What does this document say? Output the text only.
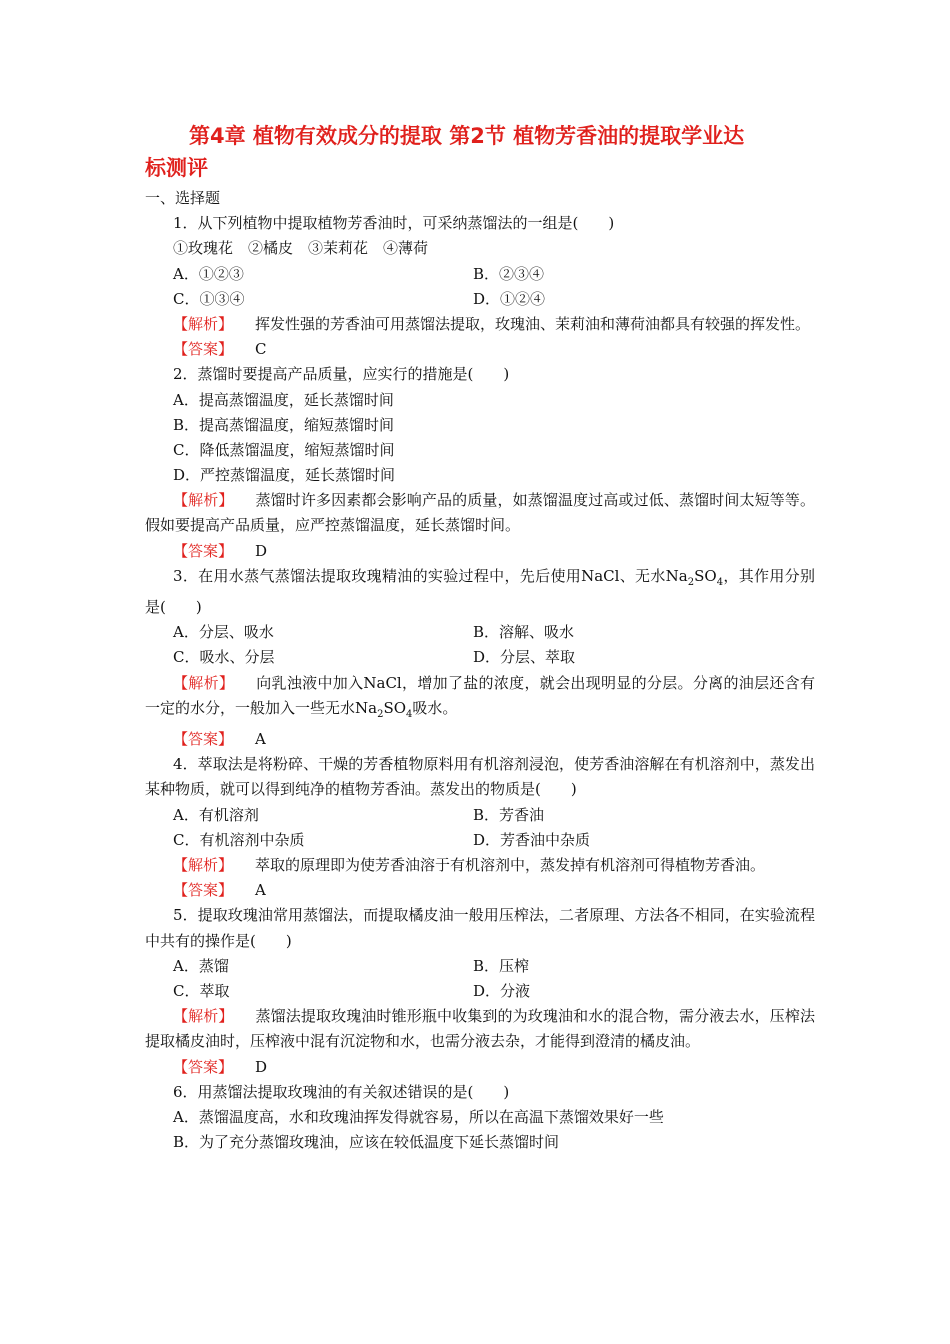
第4章 植物有效成分的提取 第2节 植物芳香油的提取学业达
标测评
一、选择题
1．从下列植物中提取植物芳香油时，可采纳蒸馏法的一组是(　　)
①玫瑰花　②橘皮　③茉莉花　④薄荷
A．①②③	B．②③④
C．①③④	D．①②④
【解析】 挥发性强的芳香油可用蒸馏法提取，玫瑰油、茉莉油和薄荷油都具有较强的挥发性。
【答案】 C
2．蒸馏时要提高产品质量，应实行的措施是(　　)
A．提高蒸馏温度，延长蒸馏时间
B．提高蒸馏温度，缩短蒸馏时间
C．降低蒸馏温度，缩短蒸馏时间
D．严控蒸馏温度，延长蒸馏时间
【解析】 蒸馏时许多因素都会影响产品的质量，如蒸馏温度过高或过低、蒸馏时间太短等等。假如要提高产品质量，应严控蒸馏温度，延长蒸馏时间。
【答案】 D
3．在用水蒸气蒸馏法提取玫瑰精油的实验过程中，先后使用NaCl、无水$Na_2SO_4$，其作用分别是(　　)
A．分层、吸水	B．溶解、吸水
C．吸水、分层	D．分层、萃取
【解析】 向乳浊液中加入NaCl，增加了盐的浓度，就会出现明显的分层。分离的油层还含有一定的水分，一般加入一些无水$Na_2SO_4$吸水。
【答案】 A
4．萃取法是将粉碎、干燥的芳香植物原料用有机溶剂浸泡，使芳香油溶解在有机溶剂中，蒸发出某种物质，就可以得到纯净的植物芳香油。蒸发出的物质是(　　)
A．有机溶剂	B．芳香油
C．有机溶剂中杂质	D．芳香油中杂质
【解析】 萃取的原理即为使芳香油溶于有机溶剂中，蒸发掉有机溶剂可得植物芳香油。
【答案】 A
5．提取玫瑰油常用蒸馏法，而提取橘皮油一般用压榨法，二者原理、方法各不相同，在实验流程中共有的操作是(　　)
A．蒸馏	B．压榨
C．萃取	D．分液
【解析】 蒸馏法提取玫瑰油时锥形瓶中收集到的为玫瑰油和水的混合物，需分液去水，压榨法提取橘皮油时，压榨液中混有沉淀物和水，也需分液去杂，才能得到澄清的橘皮油。
【答案】 D
6．用蒸馏法提取玫瑰油的有关叙述错误的是(　　)
A．蒸馏温度高，水和玫瑰油挥发得就容易，所以在高温下蒸馏效果好一些
B．为了充分蒸馏玫瑰油，应该在较低温度下延长蒸馏时间
